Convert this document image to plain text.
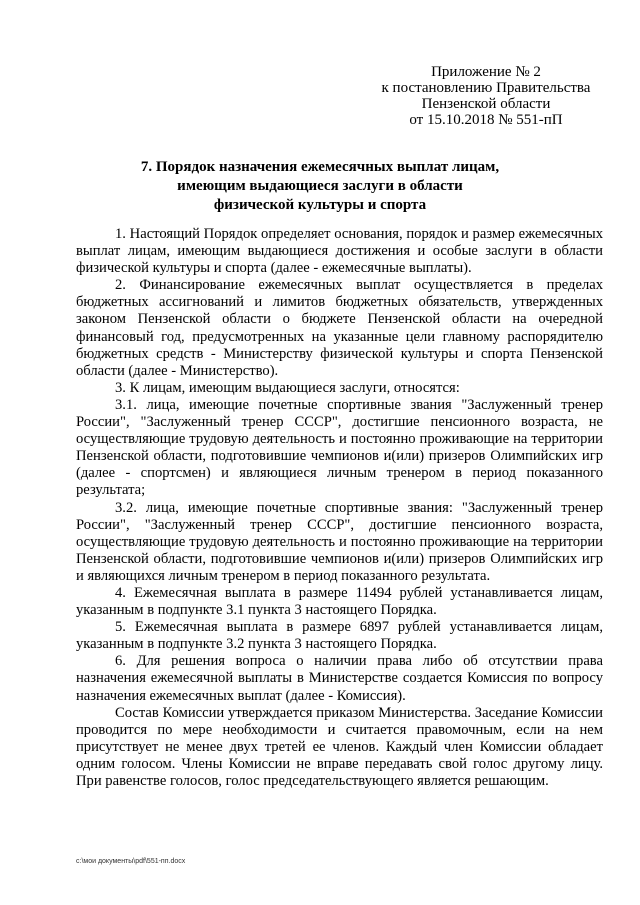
Приложение № 2
к постановлению Правительства
Пензенской области
от 15.10.2018 № 551-пП
7. Порядок назначения ежемесячных выплат лицам,
имеющим выдающиеся заслуги в области
физической культуры и спорта

1. Настоящий Порядок определяет основания, порядок и размер ежемесячных выплат лицам, имеющим выдающиеся достижения и особые заслуги в области физической культуры и спорта (далее - ежемесячные выплаты).

2. Финансирование ежемесячных выплат осуществляется в пределах бюджетных ассигнований и лимитов бюджетных обязательств, утвержденных законом Пензенской области о бюджете Пензенской области на очередной финансовый год, предусмотренных на указанные цели главному распорядителю бюджетных средств - Министерству физической культуры и спорта Пензенской области (далее - Министерство).

3. К лицам, имеющим выдающиеся заслуги, относятся:

3.1. лица, имеющие почетные спортивные звания "Заслуженный тренер России", "Заслуженный тренер СССР", достигшие пенсионного возраста, не осуществляющие трудовую деятельность и постоянно проживающие на территории Пензенской области, подготовившие чемпионов и(или) призеров Олимпийских игр (далее - спортсмен) и являющиеся личным тренером в период показанного результата;

3.2. лица, имеющие почетные спортивные звания: "Заслуженный тренер России", "Заслуженный тренер СССР", достигшие пенсионного возраста, осуществляющие трудовую деятельность и постоянно проживающие на территории Пензенской области, подготовившие чемпионов и(или) призеров Олимпийских игр и являющихся личным тренером в период показанного результата.

4. Ежемесячная выплата в размере 11494 рублей устанавливается лицам, указанным в подпункте 3.1 пункта 3 настоящего Порядка.

5. Ежемесячная выплата в размере 6897 рублей устанавливается лицам, указанным в подпункте 3.2 пункта 3 настоящего Порядка.

6. Для решения вопроса о наличии права либо об отсутствии права назначения ежемесячной выплаты в Министерстве создается Комиссия по вопросу назначения ежемесячных выплат (далее - Комиссия).

Состав Комиссии утверждается приказом Министерства. Заседание Комиссии проводится по мере необходимости и считается правомочным, если на нем присутствует не менее двух третей ее членов. Каждый член Комиссии обладает одним голосом. Члены Комиссии не вправе передавать свой голос другому лицу. При равенстве голосов, голос председательствующего является решающим.

c:\мои документы\pdf\551-пп.docx
